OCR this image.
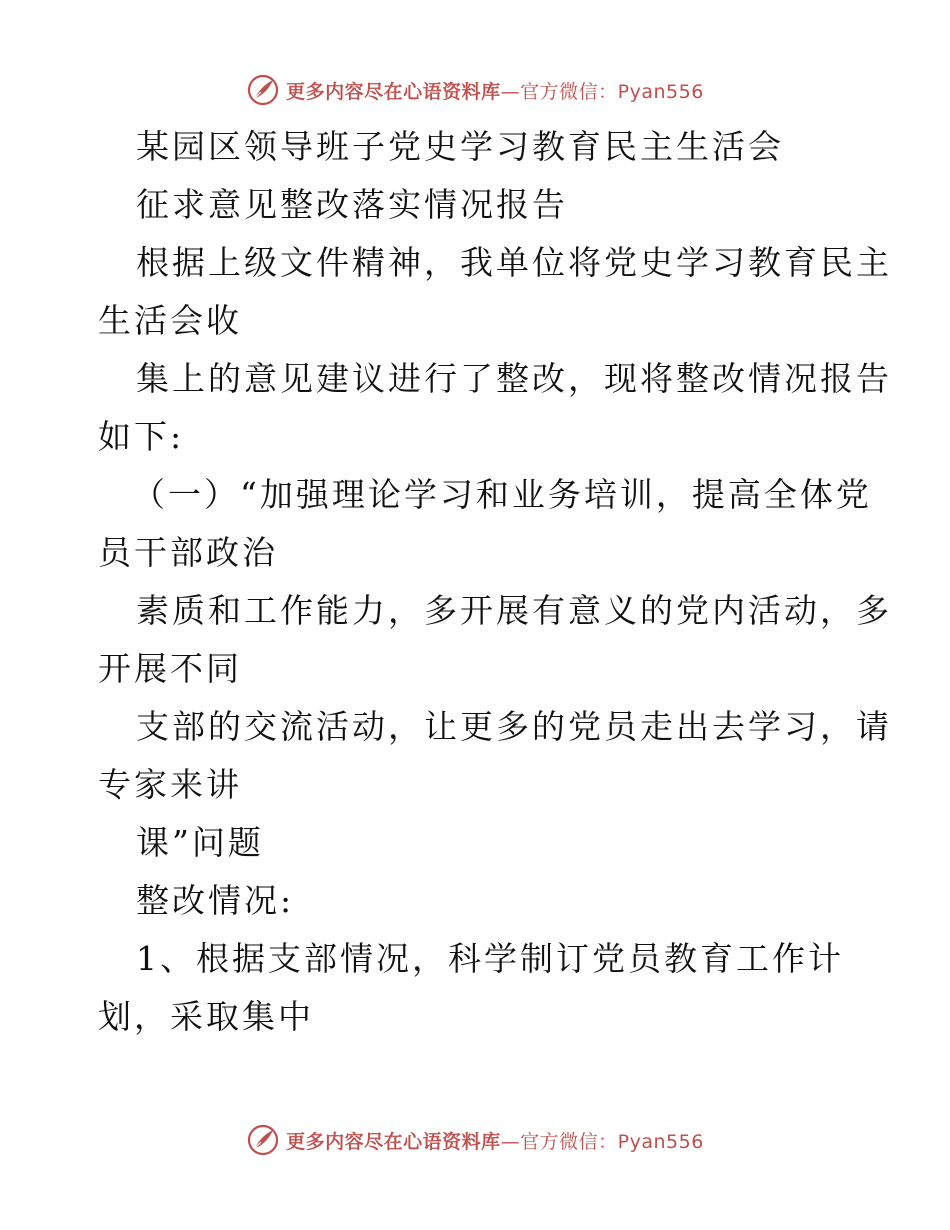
更多内容尽在心语资料库—官方微信：Pyan556
某园区领导班子党史学习教育民主生活会
征求意见整改落实情况报告
根据上级文件精神，我单位将党史学习教育民主
生活会收
集上的意见建议进行了整改，现将整改情况报告
如下:
（一）“加强理论学习和业务培训，提高全体党
员干部政治
素质和工作能力，多开展有意义的党内活动，多
开展不同
支部的交流活动，让更多的党员走出去学习，请
专家来讲
课”问题
整改情况:
1、根据支部情况，科学制订党员教育工作计
划，采取集中
更多内容尽在心语资料库—官方微信：Pyan556
